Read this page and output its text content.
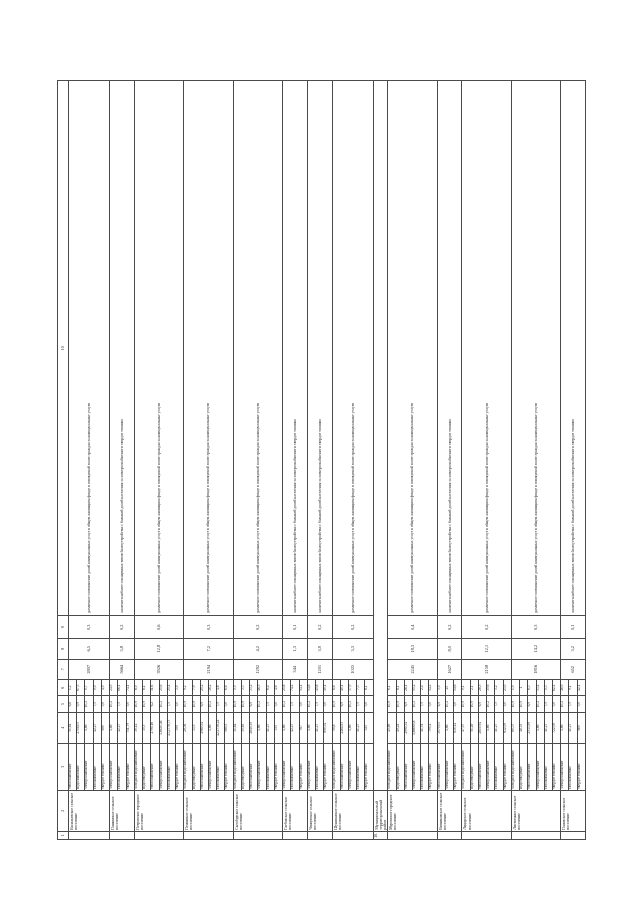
1	2	3	4	5	6	7	8	9	10
	Васильевское сельское поселение	теплоснабжение	51,84	6,8	1,2	2807	6,5	0,3	различное соотношение долей коммунальных услуг в общем жилищном фонде в совокупной плате граждан за коммунальные услуги
		водоснабжение	2716,03	0,9	67,3				
		электроснабжение	1,86	10,2	0,7				
		газоснабжение	42,27	7,5	0,0				
		твердое топливо	650	5,0	4,0				
	Пашинское сельское поселение	электроснабжение	1,88	10,2	24,9	5664	5,8	0,2	наличие наиболее оснащенных типов благоустройства с большей долей населения за электроснабжение и твердое топливо
		газоснабжение	42,27	7,5	66,1				
		твердое топливо	711,79	5,0	74,1				
	Петровское городское поселение	холодное водоснабжение	30,14	10,9	8,0	3926	12,8	0,6	различное соотношение долей коммунальных услуг в общем жилищном фонде в совокупной плате граждан за коммунальные услуги
		водоотведение	35,5	10,9	8,1				
		теплоснабжение	2790,16	6,2	11,6				
		электроснабжение	1,8630,46	10,2	25,6				
		газоснабжение	43,2778,73	7,5	25,4				
		твердое топливо	559	5,0	3,0				
	Пенинское сельское поселение	холодное водоснабжение	29,36	10,9	9,2	2194	7,2	0,3	различное соотношение долей коммунальных услуг в общем жилищном фонде в совокупной плате граждан за коммунальные услуги
		водоотведение	33,5	10,9	7,9				
		теплоснабжение	2980,54	6,9	25,2				
		электроснабжение	1,86	10,2	18,2				
		газоснабжение	42,2738,24	7,5	4,8				
		твердое топливо	589,5	5,0	6,6				
	Сытобудское сельское поселение	холодное водоснабжение	31,84	10,9	5,5	1292	4,2	0,2	различное соотношение долей коммунальных услуг в общем жилищном фонде в совокупной плате граждан за коммунальные услуги
		водоотведение	35,83	10,9	3,3				
		теплоснабжение	2849,39	6,9	33,2				
		электроснабжение	1,86	10,2	46,5				
		газоснабжение	41,27	7,5	6,4				
		твердое топливо	535	5,0	4,6				
	Глебовское сельское поселение	электроснабжение	1,86	10,2	25,8	344	1,3	0,1	наличие наиболее оснащенных типов благоустройства с большей долей населения за электроснабжение и твердое топливо
		газоснабжение	42,27	7,5	74,2				
		твердое топливо	767	5,0	54,1				
	Ченцевское сельское поселение	электроснабжение	1,86	10,2	54,8	1201	3,9	0,2	наличие наиболее оснащенных типов благоустройства с большей долей населения за электроснабжение и твердое топливо
		газоснабжение	41,27	7,5	45,8				
		твердое топливо	690,54	5,0	10,1				
	Шушпанское сельское поселение	холодное водоснабжение	59,8	10,9	6,6	1025	3,3	0,2	различное соотношение долей коммунальных услуг в общем жилищном фонде в совокупной плате граждан за коммунальные услуги
		теплоснабжение	2464,93	6,9	40,1				
		электроснабжение	1,86	10,2	37,9				
		газоснабжение	41,27	7,5	7,3				
		твердое топливо	525	5,0	8,1				
10.	Муниципальный территориальный район								
	Муромское городское поселение	холодное водоснабжение	45,89	10,9	6,1	2245	18,3	0,4	различное соотношение долей коммунальных услуг в общем жилищном фонде в совокупной плате граждан за коммунальные услуги
		водоотведение	49,24	10,9	8,1				
		теплоснабжение	2990,34	6,9	28,1				
		электроснабжение	1,86060,8	10,2	55,2				
		газоснабжение	41,51	7,5	2,4				
		твердое топливо	700,4	5,0	14,2				
	Вязниковское сельское поселение	теплоснабжение	3070,03	6,9	3,0	1627	8,0	0,2	наличие наиболее оснащенных типов благоустройства с большей долей населения за электроснабжение и твердое топливо
		электроснабжение	1,86	10,2	25				
		твердое топливо	630,14	5,0	54,6				
	Лидорское сельское поселение	холодное водоснабжение	47,07	10,9	0,1	2158	12,1	0,2	различное соотношение долей коммунальных услуг в общем жилищном фонде в совокупной плате граждан за коммунальные услуги
		водоотведение	51,49	10,9	2,1				
		теплоснабжение	2810,94	6,9	28,5				
		электроснабжение	1,86	10,2	35,6				
		газоснабжение	41,27	7,5	3,2				
		твердое топливо	632,05	5,0	23,0				
	Лиственное сельское поселение	холодное водоснабжение	60,37	10,9	1,9	1816	14,2	0,3	различное соотношение долей коммунальных услуг в общем жилищном фонде в совокупной плате граждан за коммунальные услуги
		водоотведение	48,53	10,9	1				
		теплоснабжение	2533,99	6,9	6,3				
		электроснабжение	1,86	10,2	33,4				
		газоснабжение	41,27	7,5	5,3				
		твердое топливо	722,05	5,0	62,4				
	Пановское сельское поселение	электроснабжение	1,86	10,2	48,9	652	3,2	0,1	наличие наиболее оснащенных типов благоустройства с большей долей населения за электроснабжение и твердое топливо
		газоснабжение	41,27	7,5	9,1				
		твердое топливо	600	5,0	42,1				
